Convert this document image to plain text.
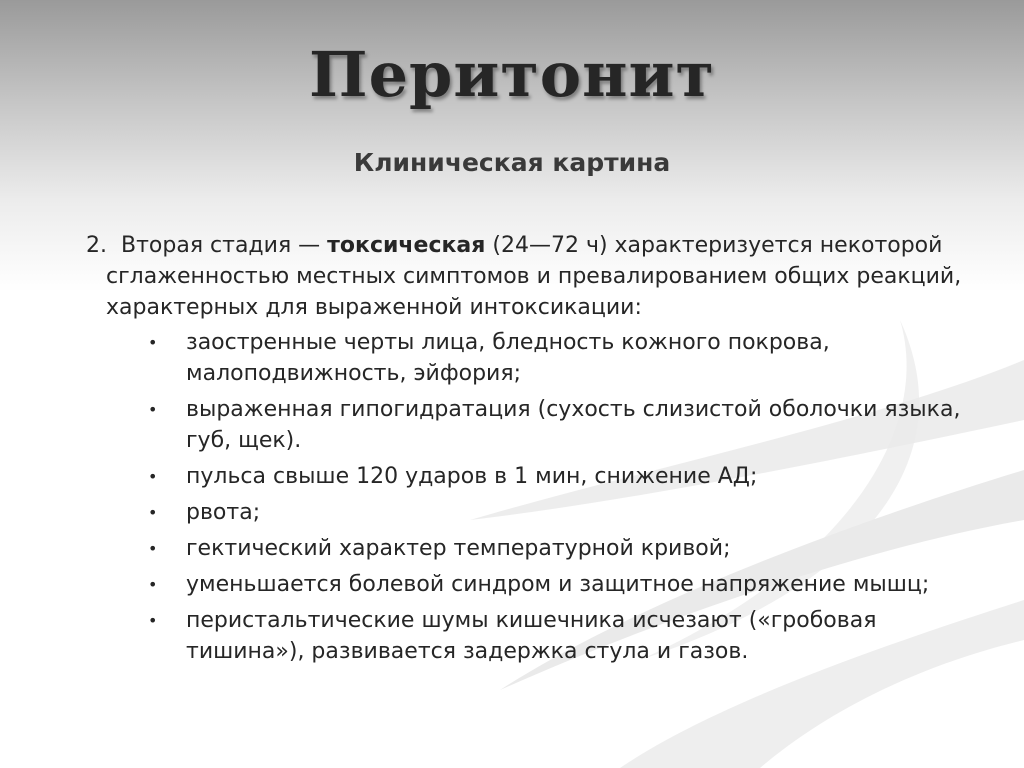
Перитонит
Клиническая картина

2. Вторая стадия — токсическая (24—72 ч) характеризуется некоторой сглаженностью местных симптомов и превалированием общих реакций, характерных для выраженной интоксикации:

• заостренные черты лица, бледность кожного покрова, малоподвижность, эйфория;
• выраженная гипогидратация (сухость слизистой оболочки языка, губ, щек).
• пульса свыше 120 ударов в 1 мин, снижение АД;
• рвота;
• гектический характер температурной кривой;
• уменьшается болевой синдром и защитное напряжение мышц;
• перистальтические шумы кишечника исчезают («гробовая тишина»), развивается задержка стула и газов.
